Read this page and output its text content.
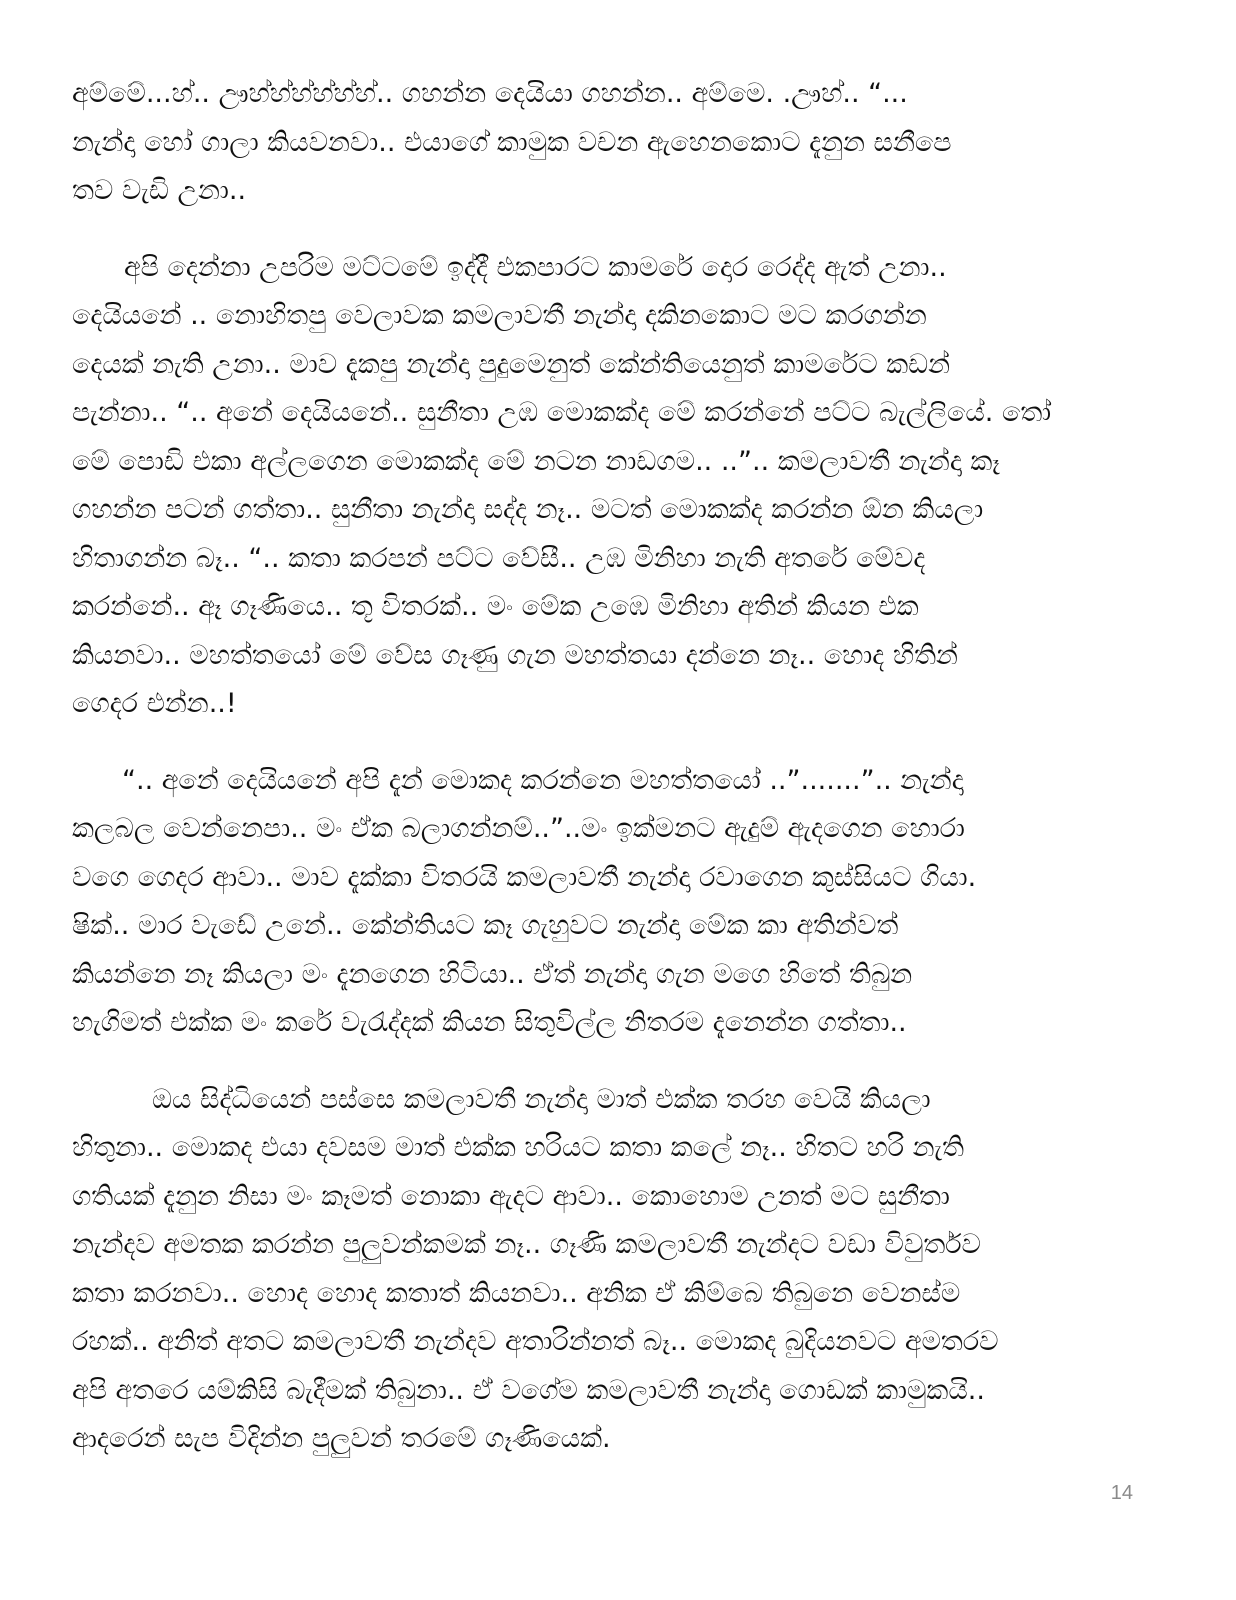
අම්මේ...හ්.. ඌහ්හ්හ්හ්හ්හ්.. ගහන්න දෙයියා ගහන්න.. අම්මෙ. .ඌහ්.. “...
නැන්දා හෝ ගාලා කියවනවා.. එයාගේ කාමුක වචන ඇහෙනකොට දැනුන සනීපෙ
තව වැඩි උනා..

අපි දෙන්නා උපරිම මට්ටමේ ඉද්දී එකපාරට කාමරේ දොර රෙද්ද ඇත් උනා..
දෙයියනේ .. නොහිතපු වෙලාවක කමලාවතී නැන්දා දකිනකොට මට කරගන්න
දෙයක් නැති උනා.. මාව දැකපු නැන්දා පුදුමෙනුත් කේන්තියෙනුත් කාමරේට කඩන්
පැන්නා.. “.. අනේ දෙයියනේ.. සුනීතා උඹ මොකක්ද මේ කරන්නේ පට්ට බැල්ලියේ. තෝ
මේ පොඩි එකා අල්ලගෙන මොකක්ද මේ නටන නාඩගම.. ..”.. කමලාවතී නැන්දා කෑ
ගහන්න පටන් ගත්තා.. සුනීතා නැන්දා සද්ද නෑ.. මටත් මොකක්ද කරන්න ඕන කියලා
හිතාගන්න බෑ.. “.. කතා කරපන් පට්ට වේසී.. උඹ මිනිහා නැති අතරේ මේවද
කරන්නේ.. ඈ ගෑණියෙ.. තූ විතරක්.. මං මේක උඹෙ මිනිහා අතින් කියන එක
කියනවා.. මහත්තයෝ මේ වේස ගෑණු ගැන මහත්තයා දන්නෙ නෑ.. හොද හිතින්
ගෙදර එන්න..!

“.. අනේ දෙයියනේ අපි දැන් මොකද කරන්නෙ මහත්තයෝ ..”.......”.. නැන්දා
කලබල වෙන්නෙපා.. මං ඒක බලාගන්නම්..”..මං ඉක්මනට ඇදුම් ඇදගෙන හොරා
වගෙ ගෙදර ආවා.. මාව දැක්කා විතරයි කමලාවතී නැන්දා රවාගෙන කුස්සියට ගියා.
ෂික්.. මාර වැඩේ උනේ.. කේන්තියට කෑ ගැහුවට නැන්දා මේක කා අතින්වත්
කියන්නෙ නෑ කියලා මං දැනගෙන හිටියා.. ඒත් නැන්දා ගැන මගෙ හිතේ තිබුන
හැගිමත් එක්ක මං කරේ වැරැද්දක් කියන සිතුවිල්ල නිතරම දැනෙන්න ගත්තා..

ඔය සිද්ධියෙන් පස්සෙ කමලාවතී නැන්දා මාත් එක්ක තරහ වෙයි කියලා
හිතුනා.. මොකද එයා දවසම මාත් එක්ක හරියට කතා කලේ නෑ.. හිතට හරි නැති
ගතියක් දැනුන නිසා මං කෑමත් නොකා ඇදට ආවා.. කොහොම උනත් මට සුනීතා
නැන්දව අමතක කරන්න පුලුවන්කමක් නෑ.. ගෑණි කමලාවතී නැන්දට වඩා විවුර්තව
කතා කරනවා.. හොද හොද කතාත් කියනවා.. අනික ඒ කිම්බෙ තිබුනෙ වෙනස්ම
රහක්.. අනිත් අතට කමලාවතී නැන්දව අතාරින්නත් බෑ.. මොකද බුදියනවට අමතරව
අපි අතරෙ යම්කිසි බැදීමක් තිබුනා.. ඒ වගේම කමලාවතී නැන්දා ගොඩක් කාමුකයි..
ආදරෙන් සැප විදින්න පුලුවන් තරමේ ගෑණියෙක්.

14
